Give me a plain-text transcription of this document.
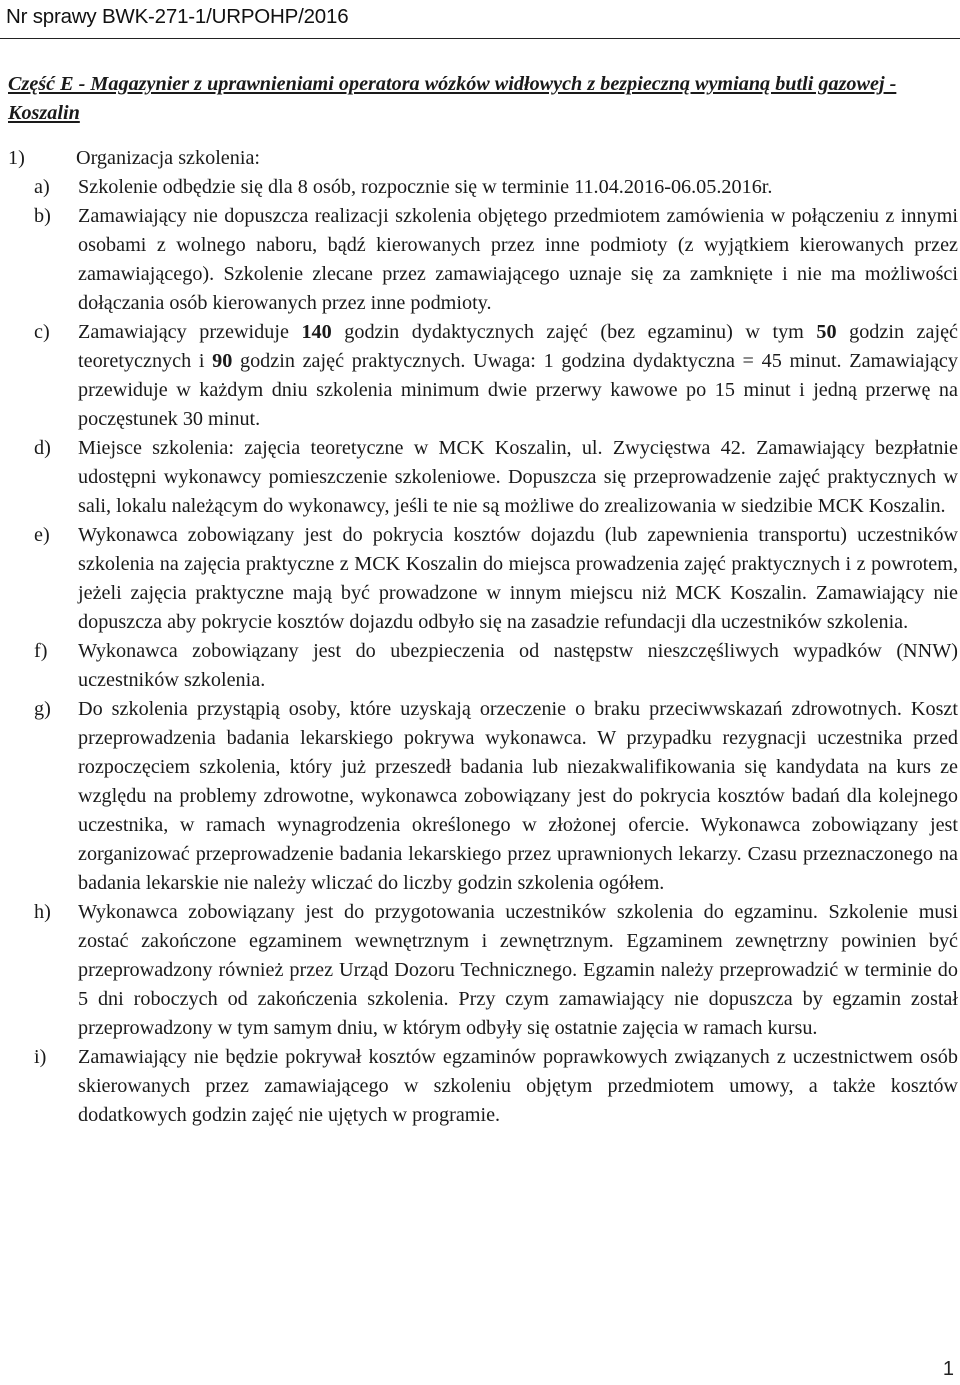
Nr sprawy BWK-271-1/URPOHP/2016

Część E - Magazynier z uprawnieniami operatora wózków widłowych z bezpieczną wymianą butli gazowej - Koszalin

1)	Organizacja szkolenia:
a)	Szkolenie odbędzie się dla 8 osób, rozpocznie się w terminie 11.04.2016-06.05.2016r.
b)	Zamawiający nie dopuszcza realizacji szkolenia objętego przedmiotem zamówienia w połączeniu z innymi osobami z wolnego naboru, bądź kierowanych przez inne podmioty (z wyjątkiem kierowanych przez zamawiającego). Szkolenie zlecane przez zamawiającego uznaje się za zamknięte i nie ma możliwości dołączania osób kierowanych przez inne podmioty.
c)	Zamawiający przewiduje 140 godzin dydaktycznych zajęć (bez egzaminu) w tym 50 godzin zajęć teoretycznych i 90 godzin zajęć praktycznych. Uwaga: 1 godzina dydaktyczna = 45 minut. Zamawiający przewiduje w każdym dniu szkolenia minimum dwie przerwy kawowe po 15 minut i jedną przerwę na poczęstunek 30 minut.
d)	Miejsce szkolenia: zajęcia teoretyczne w MCK Koszalin, ul. Zwycięstwa 42. Zamawiający bezpłatnie udostępni wykonawcy pomieszczenie szkoleniowe. Dopuszcza się przeprowadzenie zajęć praktycznych w sali, lokalu należącym do wykonawcy, jeśli te nie są możliwe do zrealizowania w siedzibie MCK Koszalin.
e)	Wykonawca zobowiązany jest do pokrycia kosztów dojazdu (lub zapewnienia transportu) uczestników szkolenia na zajęcia praktyczne z MCK Koszalin do miejsca prowadzenia zajęć praktycznych i z powrotem, jeżeli zajęcia praktyczne mają być prowadzone w innym miejscu niż MCK Koszalin. Zamawiający nie dopuszcza aby pokrycie kosztów dojazdu odbyło się na zasadzie refundacji dla uczestników szkolenia.
f)	Wykonawca zobowiązany jest do ubezpieczenia od następstw nieszczęśliwych wypadków (NNW) uczestników szkolenia.
g)	Do szkolenia przystąpią osoby, które uzyskają orzeczenie o braku przeciwwskazań zdrowotnych. Koszt przeprowadzenia badania lekarskiego pokrywa wykonawca. W przypadku rezygnacji uczestnika przed rozpoczęciem szkolenia, który już przeszedł badania lub niezakwalifikowania się kandydata na kurs ze względu na problemy zdrowotne, wykonawca zobowiązany jest do pokrycia kosztów badań dla kolejnego uczestnika, w ramach wynagrodzenia określonego w złożonej ofercie. Wykonawca zobowiązany jest zorganizować przeprowadzenie badania lekarskiego przez uprawnionych lekarzy. Czasu przeznaczonego na badania lekarskie nie należy wliczać do liczby godzin szkolenia ogółem.
h)	Wykonawca zobowiązany jest do przygotowania uczestników szkolenia do egzaminu. Szkolenie musi zostać zakończone egzaminem wewnętrznym i zewnętrznym. Egzaminem zewnętrzny powinien być przeprowadzony również przez Urząd Dozoru Technicznego. Egzamin należy przeprowadzić w terminie do 5 dni roboczych od zakończenia szkolenia. Przy czym zamawiający nie dopuszcza by egzamin został przeprowadzony w tym samym dniu, w którym odbyły się ostatnie zajęcia w ramach kursu.
i)	Zamawiający nie będzie pokrywał kosztów egzaminów poprawkowych związanych z uczestnictwem osób skierowanych przez zamawiającego w szkoleniu objętym przedmiotem umowy, a także kosztów dodatkowych godzin zajęć nie ujętych w programie.
1
